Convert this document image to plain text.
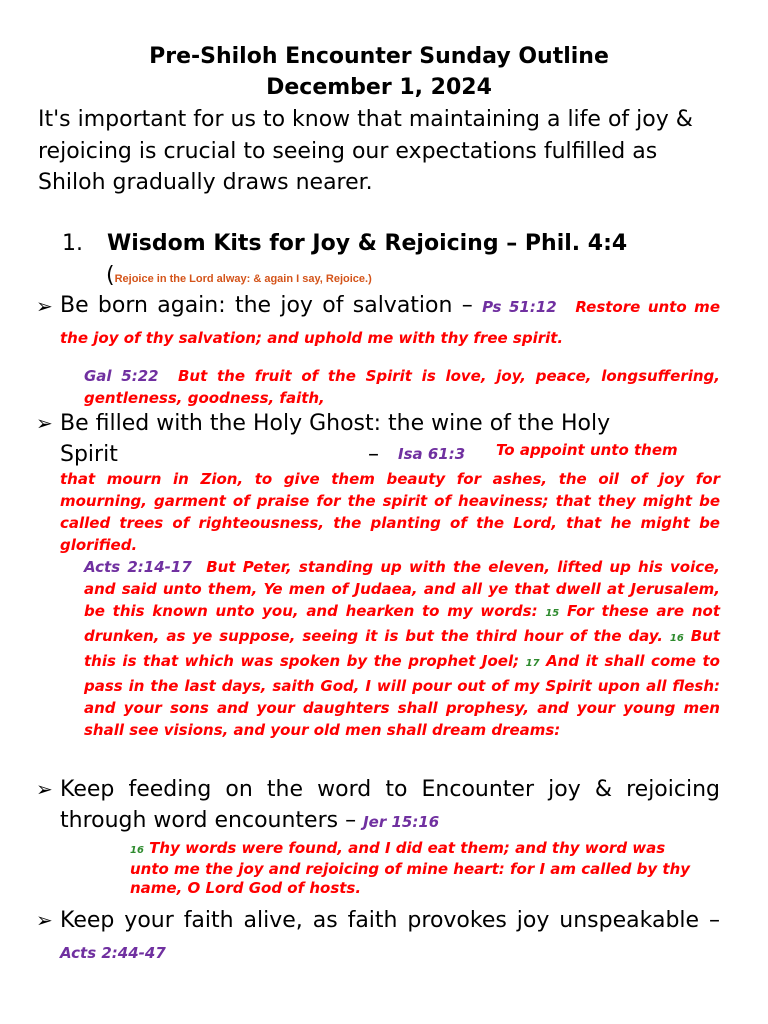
Pre-Shiloh Encounter Sunday Outline
December 1, 2024

It's important for us to know that maintaining a life of joy & rejoicing is crucial to seeing our expectations fulfilled as Shiloh gradually draws nearer.

1. Wisdom Kits for Joy & Rejoicing – Phil. 4:4
(Rejoice in the Lord alway: & again I say, Rejoice.)
➢ Be born again: the joy of salvation – Ps 51:12 Restore unto me the joy of thy salvation; and uphold me with thy free spirit.
Gal 5:22 But the fruit of the Spirit is love, joy, peace, longsuffering, gentleness, goodness, faith,
➢ Be filled with the Holy Ghost: the wine of the Holy
Spirit	– Isa 61:3 To appoint unto them
that mourn in Zion, to give them beauty for ashes, the oil of joy for mourning, garment of praise for the spirit of heaviness; that they might be called trees of righteousness, the planting of the Lord, that he might be glorified.
Acts 2:14-17 But Peter, standing up with the eleven, lifted up his voice, and said unto them, Ye men of Judaea, and all ye that dwell at Jerusalem, be this known unto you, and hearken to my words: 15 For these are not drunken, as ye suppose, seeing it is but the third hour of the day. 16 But this is that which was spoken by the prophet Joel; 17 And it shall come to pass in the last days, saith God, I will pour out of my Spirit upon all flesh: and your sons and your daughters shall prophesy, and your young men shall see visions, and your old men shall dream dreams:
➢ Keep feeding on the word to Encounter joy & rejoicing through word encounters – Jer 15:16
16 Thy words were found, and I did eat them; and thy word was unto me the joy and rejoicing of mine heart: for I am called by thy name, O Lord God of hosts.
➢ Keep your faith alive, as faith provokes joy unspeakable – Acts 2:44-47
